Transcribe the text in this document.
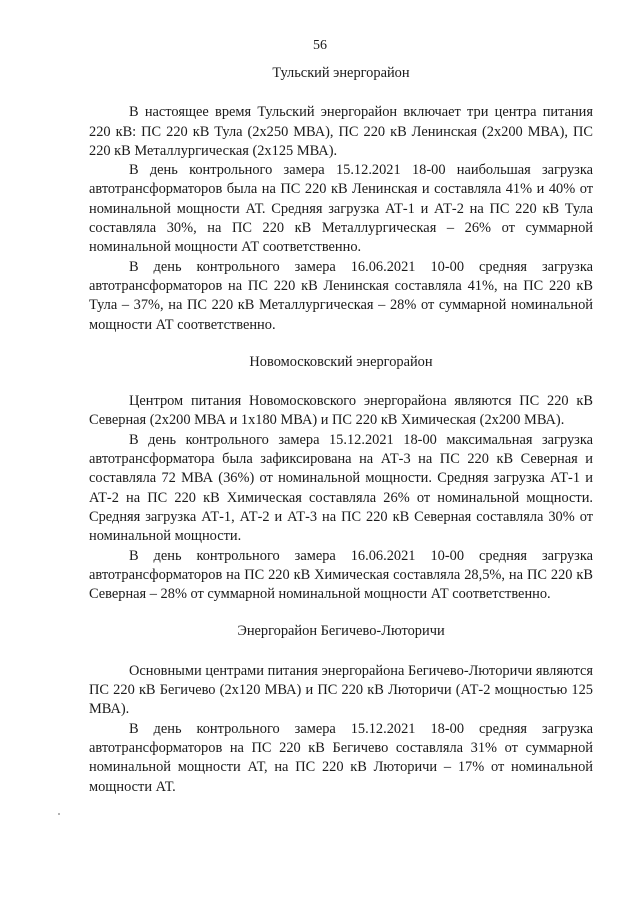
56
Тульский энергорайон

В настоящее время Тульский энергорайон включает три центра питания 220 кВ: ПС 220 кВ Тула (2х250 МВА), ПС 220 кВ Ленинская (2х200 МВА), ПС 220 кВ Металлургическая (2х125 МВА).

В день контрольного замера 15.12.2021 18-00 наибольшая загрузка автотрансформаторов была на ПС 220 кВ Ленинская и составляла 41% и 40% от номинальной мощности АТ. Средняя загрузка АТ-1 и АТ-2 на ПС 220 кВ Тула составляла 30%, на ПС 220 кВ Металлургическая – 26% от суммарной номинальной мощности АТ соответственно.

В день контрольного замера 16.06.2021 10-00 средняя загрузка автотрансформаторов на ПС 220 кВ Ленинская составляла 41%, на ПС 220 кВ Тула – 37%, на ПС 220 кВ Металлургическая – 28% от суммарной номинальной мощности АТ соответственно.

Новомосковский энергорайон

Центром питания Новомосковского энергорайона являются ПС 220 кВ Северная (2х200 МВА и 1х180 МВА) и ПС 220 кВ Химическая (2х200 МВА).

В день контрольного замера 15.12.2021 18-00 максимальная загрузка автотрансформатора была зафиксирована на АТ-3 на ПС 220 кВ Северная и составляла 72 МВА (36%) от номинальной мощности. Средняя загрузка АТ-1 и АТ-2 на ПС 220 кВ Химическая составляла 26% от номинальной мощности. Средняя загрузка АТ-1, АТ-2 и АТ-3 на ПС 220 кВ Северная составляла 30% от номинальной мощности.

В день контрольного замера 16.06.2021 10-00 средняя загрузка автотрансформаторов на ПС 220 кВ Химическая составляла 28,5%, на ПС 220 кВ Северная – 28% от суммарной номинальной мощности АТ соответственно.

Энергорайон Бегичево-Люторичи

Основными центрами питания энергорайона Бегичево-Лютoричи являются ПС 220 кВ Бегичево (2х120 МВА) и ПС 220 кВ Люторичи (АТ-2 мощностью 125 МВА).

В день контрольного замера 15.12.2021 18-00 средняя загрузка автотрансформаторов на ПС 220 кВ Бегичево составляла 31% от суммарной номинальной мощности АТ, на ПС 220 кВ Люторичи – 17% от номинальной мощности АТ.
